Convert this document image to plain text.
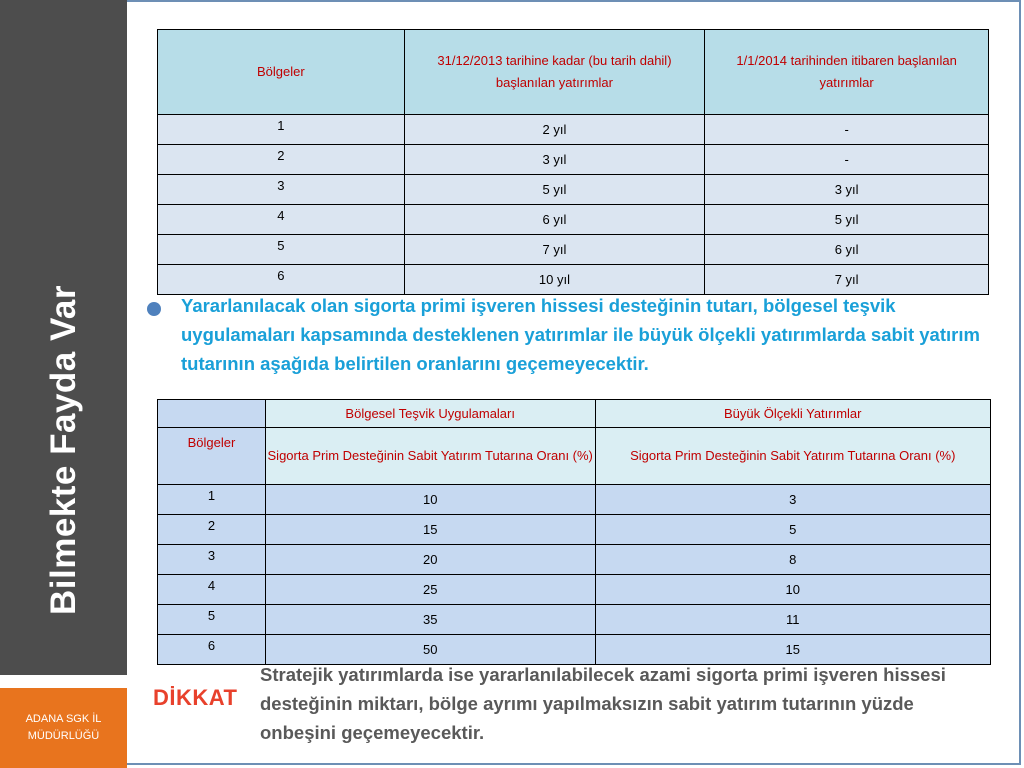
Bilmekte Fayda Var
ADANA SGK İL MÜDÜRLÜĞÜ
Bölgeler	31/12/2013 tarihine kadar (bu tarih dahil) başlanılan yatırımlar	1/1/2014 tarihinden itibaren başlanılan yatırımlar

1	2 yıl	-
2	3 yıl	-
3	5 yıl	3 yıl
4	6 yıl	5 yıl
5	7 yıl	6 yıl
6	10 yıl	7 yıl
Yararlanılacak olan sigorta primi işveren hissesi desteğinin tutarı, bölgesel teşvik uygulamaları kapsamında desteklenen yatırımlar ile büyük ölçekli yatırımlarda sabit yatırım tutarının aşağıda belirtilen oranlarını geçemeyecektir.
	Bölgesel Teşvik Uygulamaları	Büyük Ölçekli Yatırımlar
Bölgeler	Sigorta Prim Desteğinin Sabit Yatırım Tutarına Oranı (%)	Sigorta Prim Desteğinin Sabit Yatırım Tutarına Oranı (%)
1	10	3
2	15	5
3	20	8
4	25	10
5	35	11
6	50	15
DİKKAT
Stratejik yatırımlarda ise yararlanılabilecek azami sigorta primi işveren hissesi desteğinin miktarı, bölge ayrımı yapılmaksızın sabit yatırım tutarının yüzde onbeşini geçemeyecektir.
